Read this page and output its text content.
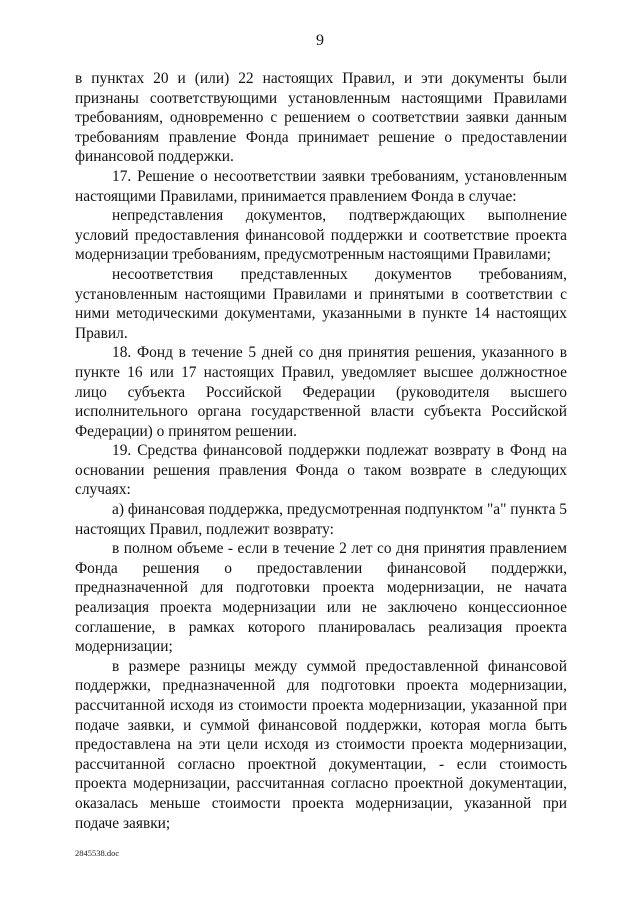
9

в пунктах 20 и (или) 22 настоящих Правил, и эти документы были признаны соответствующими установленным настоящими Правилами требованиям, одновременно с решением о соответствии заявки данным требованиям правление Фонда принимает решение о предоставлении финансовой поддержки.

17. Решение о несоответствии заявки требованиям, установленным настоящими Правилами, принимается правлением Фонда в случае:

непредставления документов, подтверждающих выполнение условий предоставления финансовой поддержки и соответствие проекта модернизации требованиям, предусмотренным настоящими Правилами;

несоответствия представленных документов требованиям, установленным настоящими Правилами и принятыми в соответствии с ними методическими документами, указанными в пункте 14 настоящих Правил.

18. Фонд в течение 5 дней со дня принятия решения, указанного в пункте 16 или 17 настоящих Правил, уведомляет высшее должностное лицо субъекта Российской Федерации (руководителя высшего исполнительного органа государственной власти субъекта Российской Федерации) о принятом решении.

19. Средства финансовой поддержки подлежат возврату в Фонд на основании решения правления Фонда о таком возврате в следующих случаях:

а) финансовая поддержка, предусмотренная подпунктом "а" пункта 5 настоящих Правил, подлежит возврату:

в полном объеме - если в течение 2 лет со дня принятия правлением Фонда решения о предоставлении финансовой поддержки, предназначенной для подготовки проекта модернизации, не начата реализация проекта модернизации или не заключено концессионное соглашение, в рамках которого планировалась реализация проекта модернизации;

в размере разницы между суммой предоставленной финансовой поддержки, предназначенной для подготовки проекта модернизации, рассчитанной исходя из стоимости проекта модернизации, указанной при подаче заявки, и суммой финансовой поддержки, которая могла быть предоставлена на эти цели исходя из стоимости проекта модернизации, рассчитанной согласно проектной документации, - если стоимость проекта модернизации, рассчитанная согласно проектной документации, оказалась меньше стоимости проекта модернизации, указанной при подаче заявки;

2845538.doc
